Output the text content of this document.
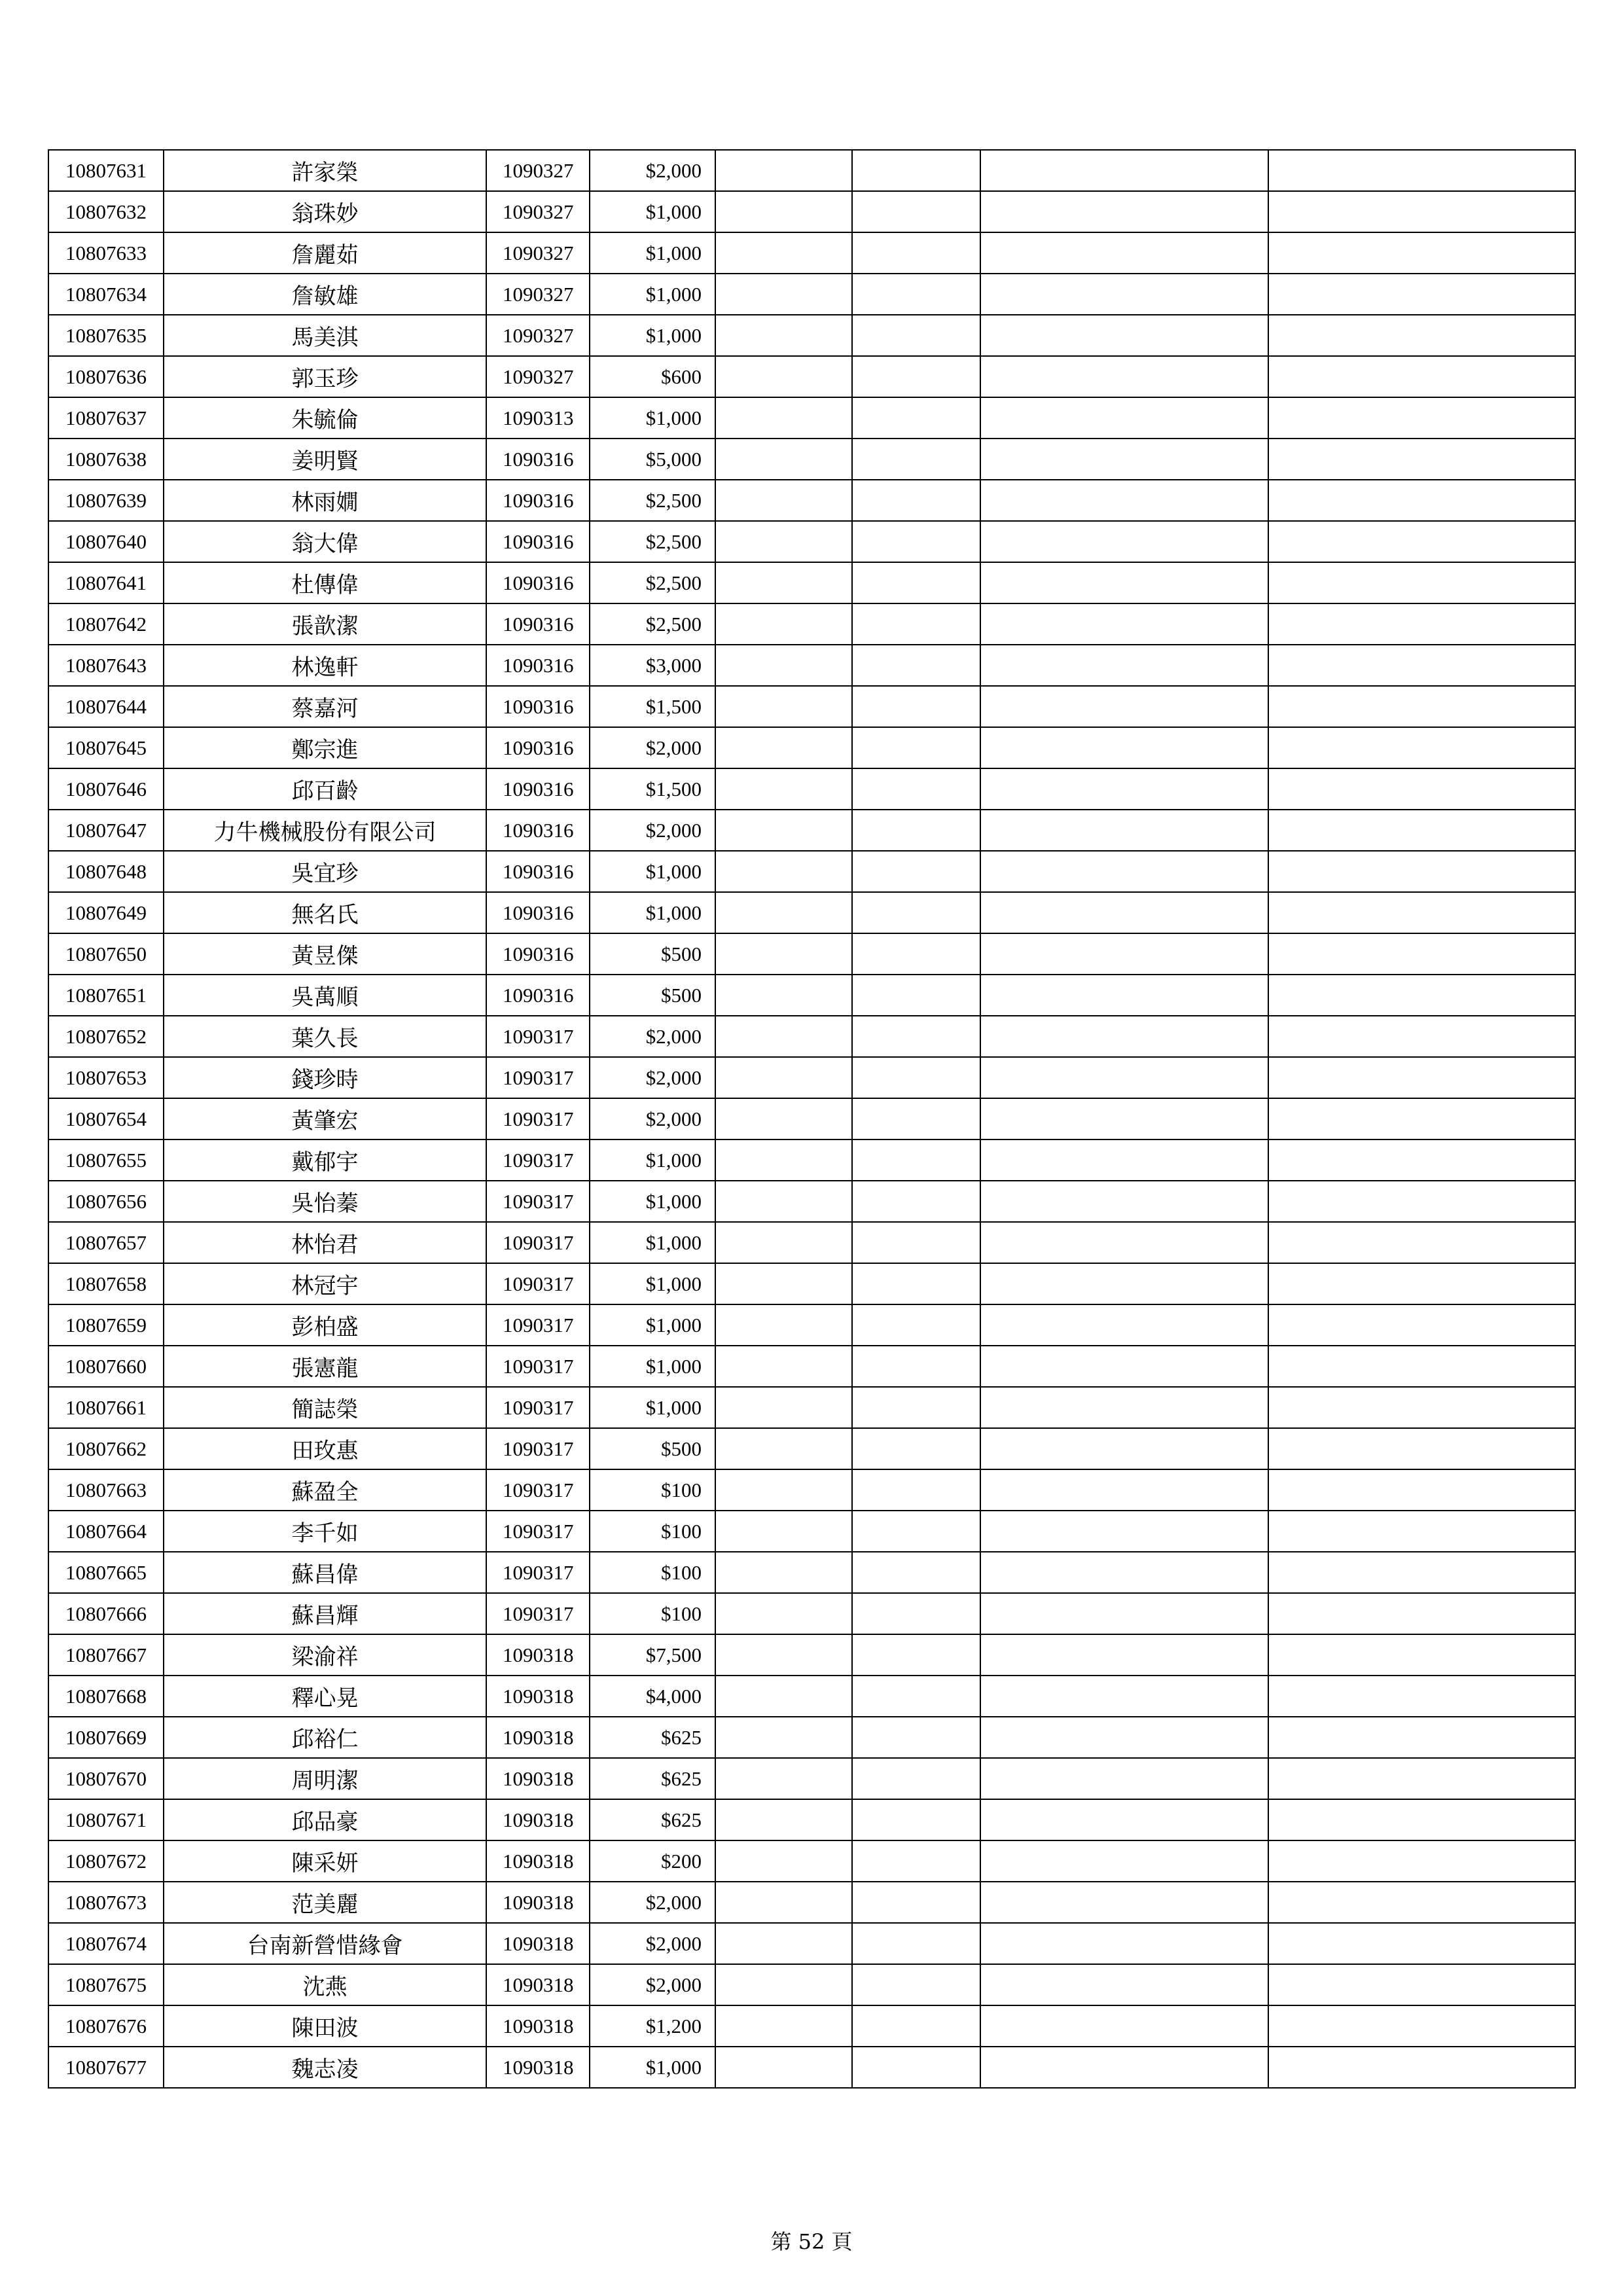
10807631	許家榮	1090327	$2,000				
10807632	翁珠妙	1090327	$1,000				
10807633	詹麗茹	1090327	$1,000				
10807634	詹敏雄	1090327	$1,000				
10807635	馬美淇	1090327	$1,000				
10807636	郭玉珍	1090327	$600				
10807637	朱毓倫	1090313	$1,000				
10807638	姜明賢	1090316	$5,000				
10807639	林雨嫺	1090316	$2,500				
10807640	翁大偉	1090316	$2,500				
10807641	杜傳偉	1090316	$2,500				
10807642	張歆潔	1090316	$2,500				
10807643	林逸軒	1090316	$3,000				
10807644	蔡嘉河	1090316	$1,500				
10807645	鄭宗進	1090316	$2,000				
10807646	邱百齡	1090316	$1,500				
10807647	力牛機械股份有限公司	1090316	$2,000				
10807648	吳宜珍	1090316	$1,000				
10807649	無名氏	1090316	$1,000				
10807650	黃昱傑	1090316	$500				
10807651	吳萬順	1090316	$500				
10807652	葉久長	1090317	$2,000				
10807653	錢珍時	1090317	$2,000				
10807654	黃肇宏	1090317	$2,000				
10807655	戴郁宇	1090317	$1,000				
10807656	吳怡蓁	1090317	$1,000				
10807657	林怡君	1090317	$1,000				
10807658	林冠宇	1090317	$1,000				
10807659	彭柏盛	1090317	$1,000				
10807660	張憲龍	1090317	$1,000				
10807661	簡誌榮	1090317	$1,000				
10807662	田玫惠	1090317	$500				
10807663	蘇盈全	1090317	$100				
10807664	李千如	1090317	$100				
10807665	蘇昌偉	1090317	$100				
10807666	蘇昌輝	1090317	$100				
10807667	梁渝祥	1090318	$7,500				
10807668	釋心晃	1090318	$4,000				
10807669	邱裕仁	1090318	$625				
10807670	周明潔	1090318	$625				
10807671	邱品豪	1090318	$625				
10807672	陳采妍	1090318	$200				
10807673	范美麗	1090318	$2,000				
10807674	台南新營惜緣會	1090318	$2,000				
10807675	沈燕	1090318	$2,000				
10807676	陳田波	1090318	$1,200				
10807677	魏志凌	1090318	$1,000				
第 52 頁
